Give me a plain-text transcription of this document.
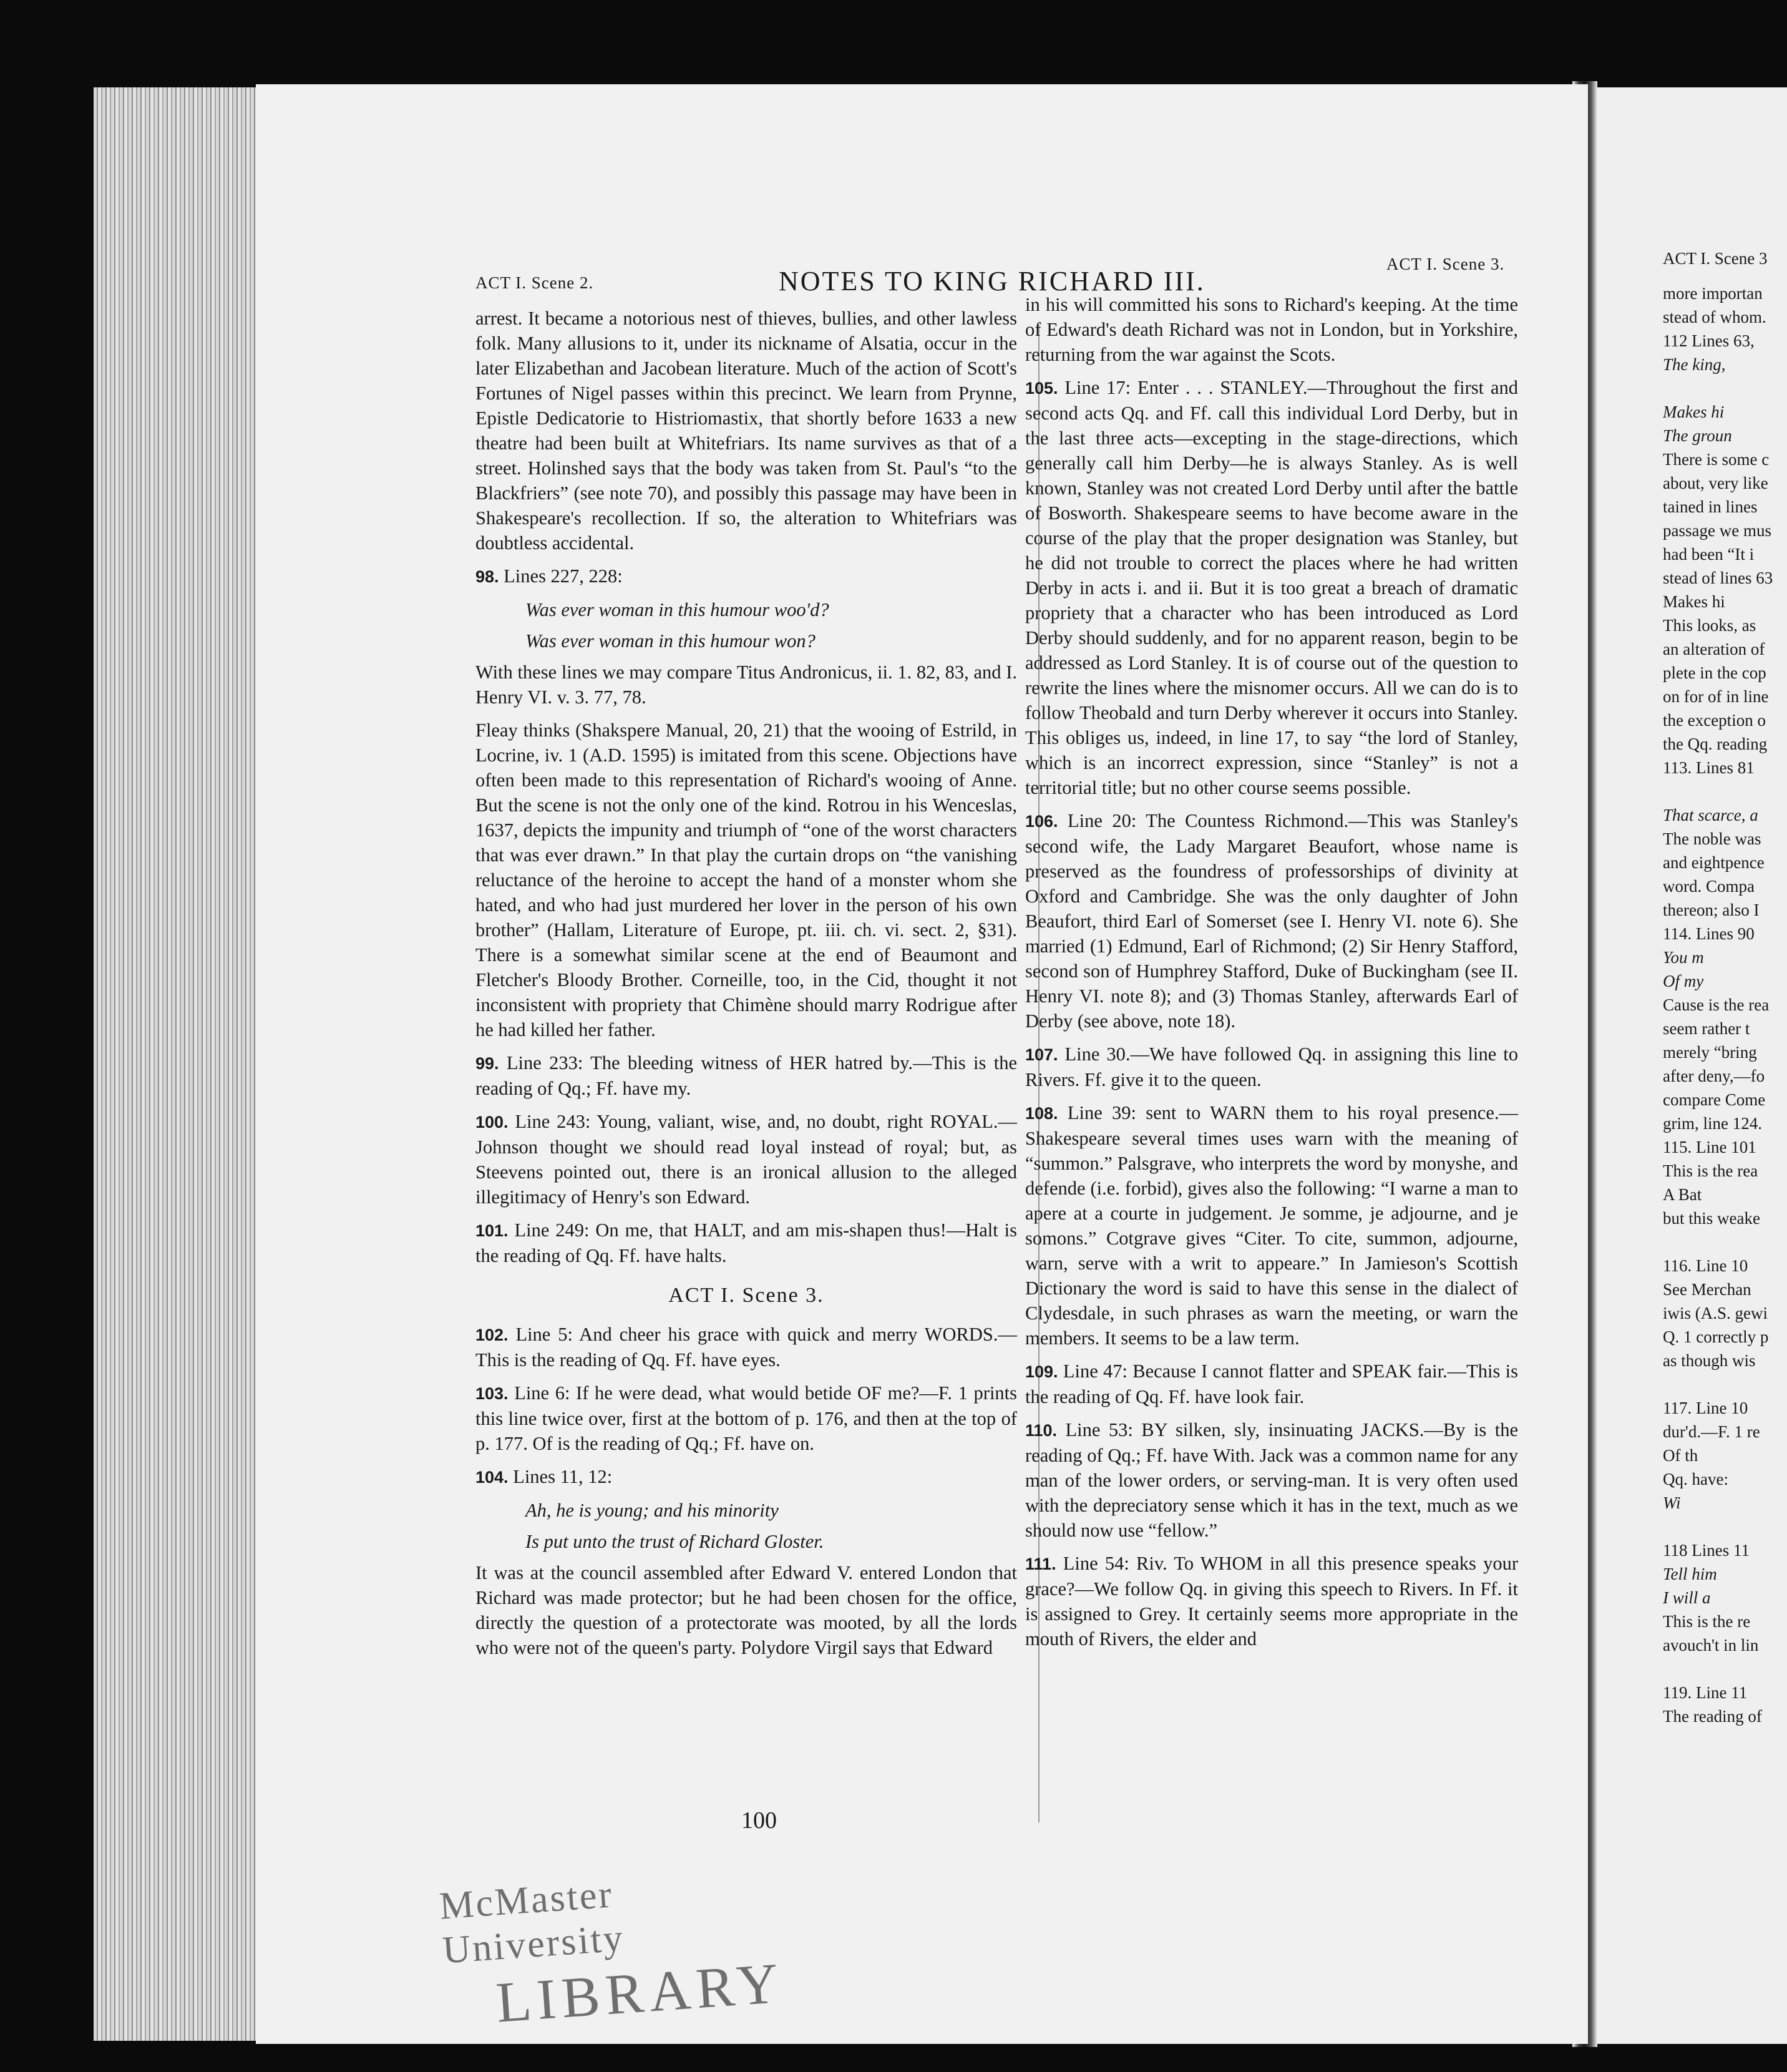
ACT I. Scene 2.	NOTES TO KING RICHARD III.
ACT I. Scene 3.

arrest. It became a notorious nest of thieves, bullies, and other lawless folk. Many allusions to it, under its nickname of Alsatia, occur in the later Elizabethan and Jacobean literature. Much of the action of Scott's Fortunes of Nigel passes within this precinct. We learn from Prynne, Epistle Dedicatorie to Histriomastix, that shortly before 1633 a new theatre had been built at Whitefriars. Its name survives as that of a street. Holinshed says that the body was taken from St. Paul's “to the Blackfriers” (see note 70), and possibly this passage may have been in Shakespeare's recollection. If so, the alteration to Whitefriars was doubtless accidental.

98. Lines 227, 228:

Was ever woman in this humour woo'd?

Was ever woman in this humour won?

With these lines we may compare Titus Andronicus, ii. 1. 82, 83, and I. Henry VI. v. 3. 77, 78.

Fleay thinks (Shakspere Manual, 20, 21) that the wooing of Estrild, in Locrine, iv. 1 (A.D. 1595) is imitated from this scene. Objections have often been made to this representation of Richard's wooing of Anne. But the scene is not the only one of the kind. Rotrou in his Wenceslas, 1637, depicts the impunity and triumph of “one of the worst characters that was ever drawn.” In that play the curtain drops on “the vanishing reluctance of the heroine to accept the hand of a monster whom she hated, and who had just murdered her lover in the person of his own brother” (Hallam, Literature of Europe, pt. iii. ch. vi. sect. 2, §31). There is a somewhat similar scene at the end of Beaumont and Fletcher's Bloody Brother. Corneille, too, in the Cid, thought it not inconsistent with propriety that Chimène should marry Rodrigue after he had killed her father.

99. Line 233: The bleeding witness of HER hatred by.—This is the reading of Qq.; Ff. have my.

100. Line 243: Young, valiant, wise, and, no doubt, right ROYAL.—Johnson thought we should read loyal instead of royal; but, as Steevens pointed out, there is an ironical allusion to the alleged illegitimacy of Henry's son Edward.

101. Line 249: On me, that HALT, and am mis-shapen thus!—Halt is the reading of Qq. Ff. have halts.

ACT I. Scene 3.

102. Line 5: And cheer his grace with quick and merry WORDS.—This is the reading of Qq. Ff. have eyes.

103. Line 6: If he were dead, what would betide OF me?—F. 1 prints this line twice over, first at the bottom of p. 176, and then at the top of p. 177. Of is the reading of Qq.; Ff. have on.

104. Lines 11, 12:

Ah, he is young; and his minority

Is put unto the trust of Richard Gloster.

It was at the council assembled after Edward V. entered London that Richard was made protector; but he had been chosen for the office, directly the question of a protectorate was mooted, by all the lords who were not of the queen's party. Polydore Virgil says that Edward

in his will committed his sons to Richard's keeping. At the time of Edward's death Richard was not in London, but in Yorkshire, returning from the war against the Scots.

105. Line 17: Enter . . . STANLEY.—Throughout the first and second acts Qq. and Ff. call this individual Lord Derby, but in the last three acts—excepting in the stage-directions, which generally call him Derby—he is always Stanley. As is well known, Stanley was not created Lord Derby until after the battle of Bosworth. Shakespeare seems to have become aware in the course of the play that the proper designation was Stanley, but he did not trouble to correct the places where he had written Derby in acts i. and ii. But it is too great a breach of dramatic propriety that a character who has been introduced as Lord Derby should suddenly, and for no apparent reason, begin to be addressed as Lord Stanley. It is of course out of the question to rewrite the lines where the misnomer occurs. All we can do is to follow Theobald and turn Derby wherever it occurs into Stanley. This obliges us, indeed, in line 17, to say “the lord of Stanley, which is an incorrect expression, since “Stanley” is not a territorial title; but no other course seems possible.

106. Line 20: The Countess Richmond.—This was Stanley's second wife, the Lady Margaret Beaufort, whose name is preserved as the foundress of professorships of divinity at Oxford and Cambridge. She was the only daughter of John Beaufort, third Earl of Somerset (see I. Henry VI. note 6). She married (1) Edmund, Earl of Richmond; (2) Sir Henry Stafford, second son of Humphrey Stafford, Duke of Buckingham (see II. Henry VI. note 8); and (3) Thomas Stanley, afterwards Earl of Derby (see above, note 18).

107. Line 30.—We have followed Qq. in assigning this line to Rivers. Ff. give it to the queen.

108. Line 39: sent to WARN them to his royal presence.—Shakespeare several times uses warn with the meaning of “summon.” Palsgrave, who interprets the word by monyshe, and defende (i.e. forbid), gives also the following: “I warne a man to apere at a courte in judgement. Je somme, je adjourne, and je somons.” Cotgrave gives “Citer. To cite, summon, adjourne, warn, serve with a writ to appeare.” In Jamieson's Scottish Dictionary the word is said to have this sense in the dialect of Clydesdale, in such phrases as warn the meeting, or warn the members. It seems to be a law term.

109. Line 47: Because I cannot flatter and SPEAK fair.—This is the reading of Qq. Ff. have look fair.

110. Line 53: BY silken, sly, insinuating JACKS.—By is the reading of Qq.; Ff. have With. Jack was a common name for any man of the lower orders, or serving-man. It is very often used with the depreciatory sense which it has in the text, much as we should now use “fellow.”

111. Line 54: Riv. To WHOM in all this presence speaks your grace?—We follow Qq. in giving this speech to Rivers. In Ff. it is assigned to Grey. It certainly seems more appropriate in the mouth of Rivers, the elder and

100
McMaster University
LIBRARY
ACT I. Scene 3
more importan
stead of whom.
112 Lines 63,
The king,

Makes hi
The groun
There is some c
about, very like
tained in lines
passage we mus
had been “It i
stead of lines 63
Makes hi
This looks, as
an alteration of
plete in the cop
on for of in line
the exception o
the Qq. reading
113. Lines 81

That scarce, a
The noble was
and eightpence
word. Compa
thereon; also I
114. Lines 90
You m
Of my
Cause is the rea
seem rather t
merely “bring
after deny,—fo
compare Come
grim, line 124.
115. Line 101
This is the rea
A Bat
but this weake

116. Line 10
See Merchan
iwis (A.S. gewi
Q. 1 correctly p
as though wis

117. Line 10
dur'd.—F. 1 re
Of th
Qq. have:
Wi

118 Lines 11
Tell him
I will a
This is the re
avouch't in lin

119. Line 11
The reading of
